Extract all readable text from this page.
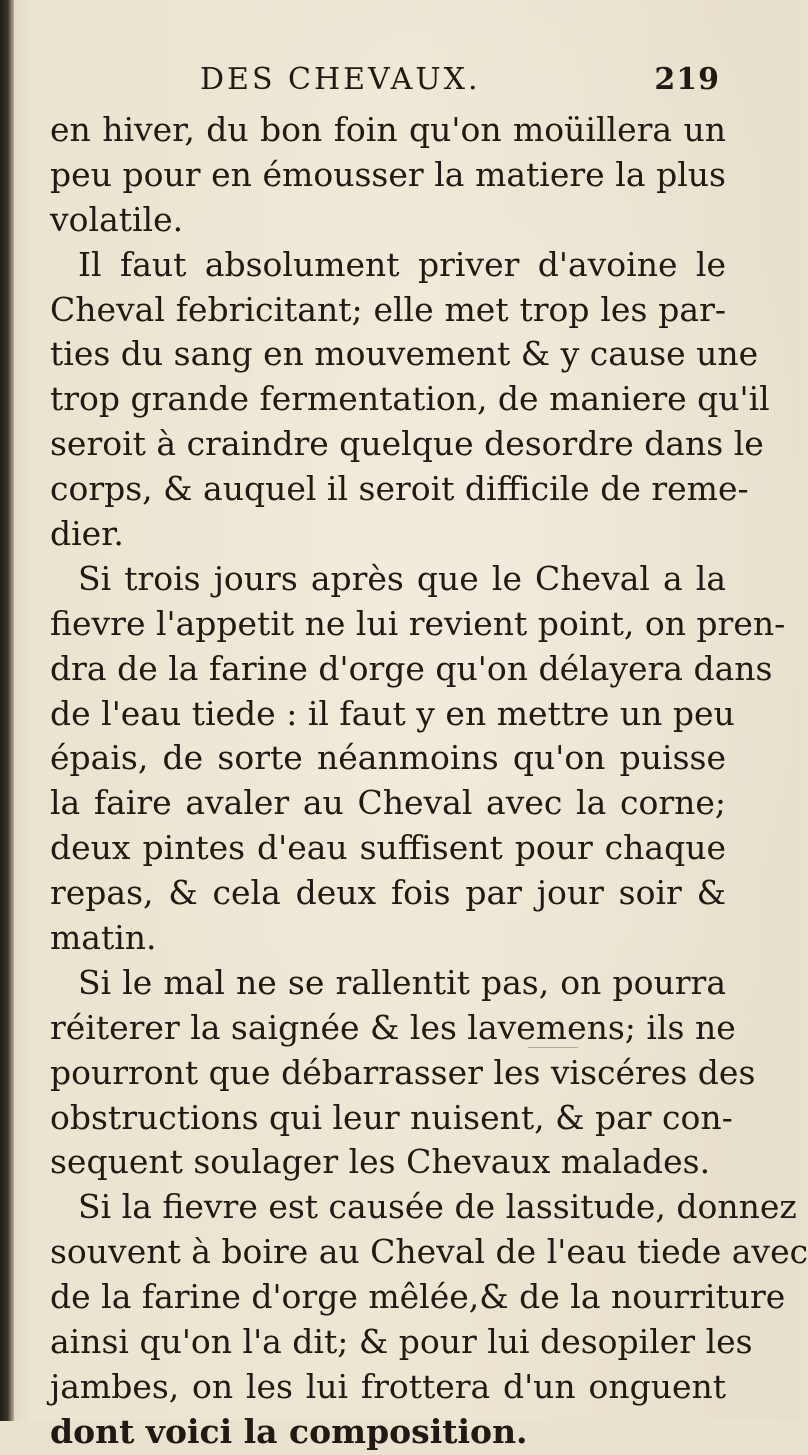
DES CHEVAUX.	219
en hiver, du bon foin qu'on moüillera un
peu pour en émousser la matiere la plus
volatile.
Il faut absolument priver d'avoine le
Cheval febricitant; elle met trop les par-
ties du sang en mouvement & y cause une
trop grande fermentation, de maniere qu'il
seroit à craindre quelque desordre dans le
corps, & auquel il seroit difficile de reme-
dier.
Si trois jours après que le Cheval a la
fievre l'appetit ne lui revient point, on pren-
dra de la farine d'orge qu'on délayera dans
de l'eau tiede : il faut y en mettre un peu
épais, de sorte néanmoins qu'on puisse
la faire avaler au Cheval avec la corne;
deux pintes d'eau suffisent pour chaque
repas, & cela deux fois par jour soir &
matin.
Si le mal ne se rallentit pas, on pourra
réiterer la saignée & les lavemens; ils ne
pourront que débarrasser les viscéres des
obstructions qui leur nuisent, & par con-
sequent soulager les Chevaux malades.
Si la fievre est causée de lassitude, donnez
souvent à boire au Cheval de l'eau tiede avec
de la farine d'orge mêlée,& de la nourriture
ainsi qu'on l'a dit; & pour lui desopiler les
jambes, on les lui frottera d'un onguent
dont voici la composition.
